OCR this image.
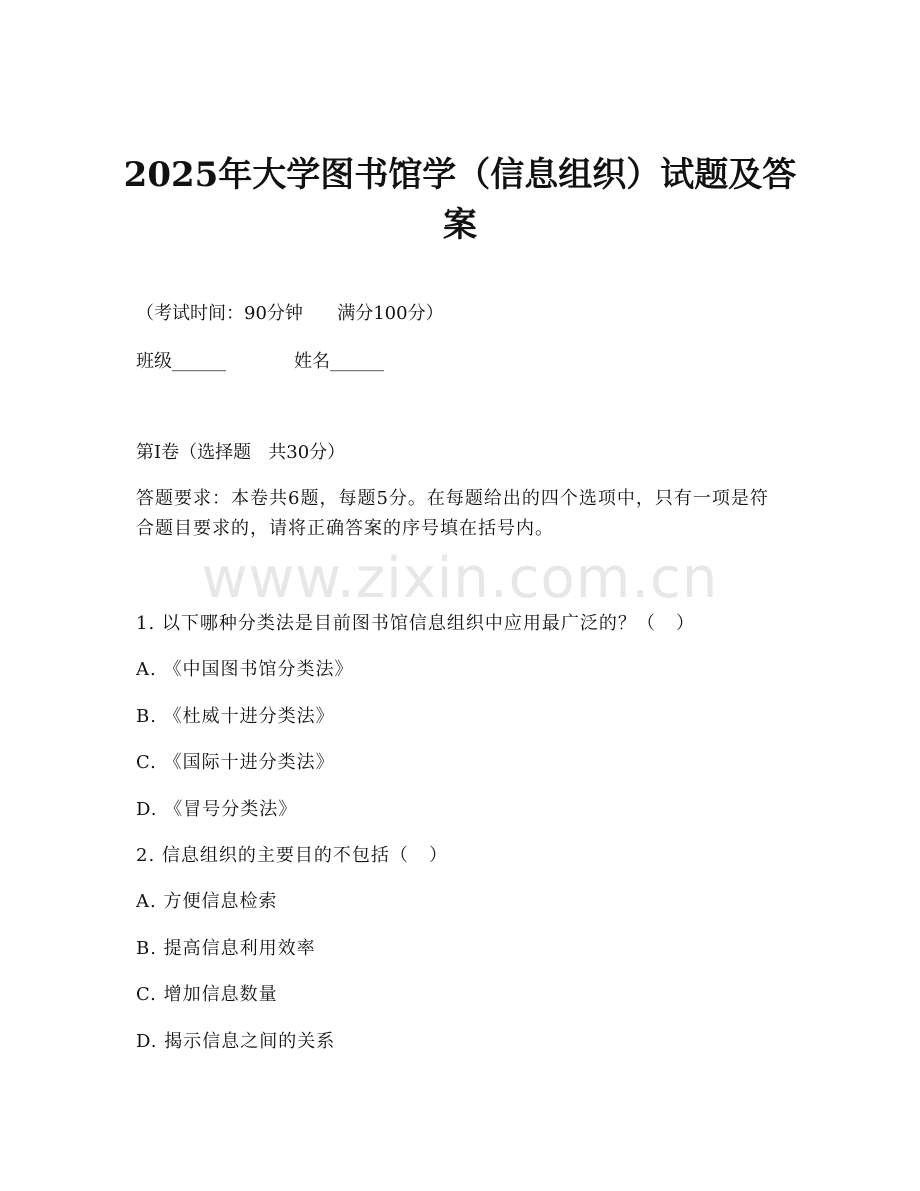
www.zixin.com.cn
2025年大学图书馆学（信息组织）试题及答案
（考试时间：90分钟      满分100分）
班级______	姓名______
第I卷（选择题   共30分）
答题要求：本卷共6题，每题5分。在每题给出的四个选项中，只有一项是符合题目要求的，请将正确答案的序号填在括号内。
1. 以下哪种分类法是目前图书馆信息组织中应用最广泛的？（   ）
A. 《中国图书馆分类法》
B. 《杜威十进分类法》
C. 《国际十进分类法》
D. 《冒号分类法》
2. 信息组织的主要目的不包括（   ）
A. 方便信息检索
B. 提高信息利用效率
C. 增加信息数量
D. 揭示信息之间的关系
